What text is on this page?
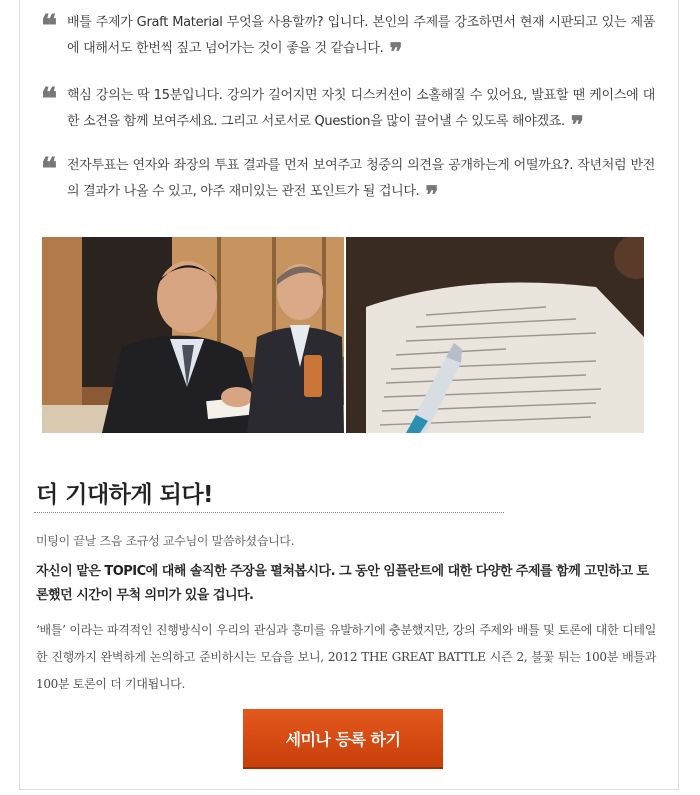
❝ 배틀 주제가 Graft Material 무엇을 사용할까? 입니다. 본인의 주제를 강조하면서 현재 시판되고 있는 제품에 대해서도 한번씩 짚고 넘어가는 것이 좋을 것 같습니다. ❞
❝ 핵심 강의는 딱 15분입니다. 강의가 길어지면 자칫 디스커션이 소홀해질 수 있어요, 발표할 땐 케이스에 대한 소견을 함께 보여주세요. 그리고 서로서로 Question을 많이 끌어낼 수 있도록 해야겠죠. ❞
❝ 전자투표는 연자와 좌장의 투표 결과를 먼저 보여주고 청중의 의견을 공개하는게 어떨까요?. 작년처럼 반전의 결과가 나올 수 있고, 아주 재미있는 관전 포인트가 될 겁니다. ❞
더 기대하게 되다!
미팅이 끝날 즈음 조규성 교수님이 말씀하셨습니다.
자신이 맡은 TOPIC에 대해 솔직한 주장을 펼쳐봅시다. 그 동안 임플란트에 대한 다양한 주제를 함께 고민하고 토론했던 시간이 무척 의미가 있을 겁니다.
‘배틀’ 이라는 파격적인 진행방식이 우리의 관심과 흥미를 유발하기에 충분했지만, 강의 주제와 배틀 및 토론에 대한 디테일한 진행까지 완벽하게 논의하고 준비하시는 모습을 보니, 2012 THE GREAT BATTLE 시즌 2, 불꽃 튀는 100분 배틀과 100분 토론이 더 기대됩니다.
세미나 등록 하기
